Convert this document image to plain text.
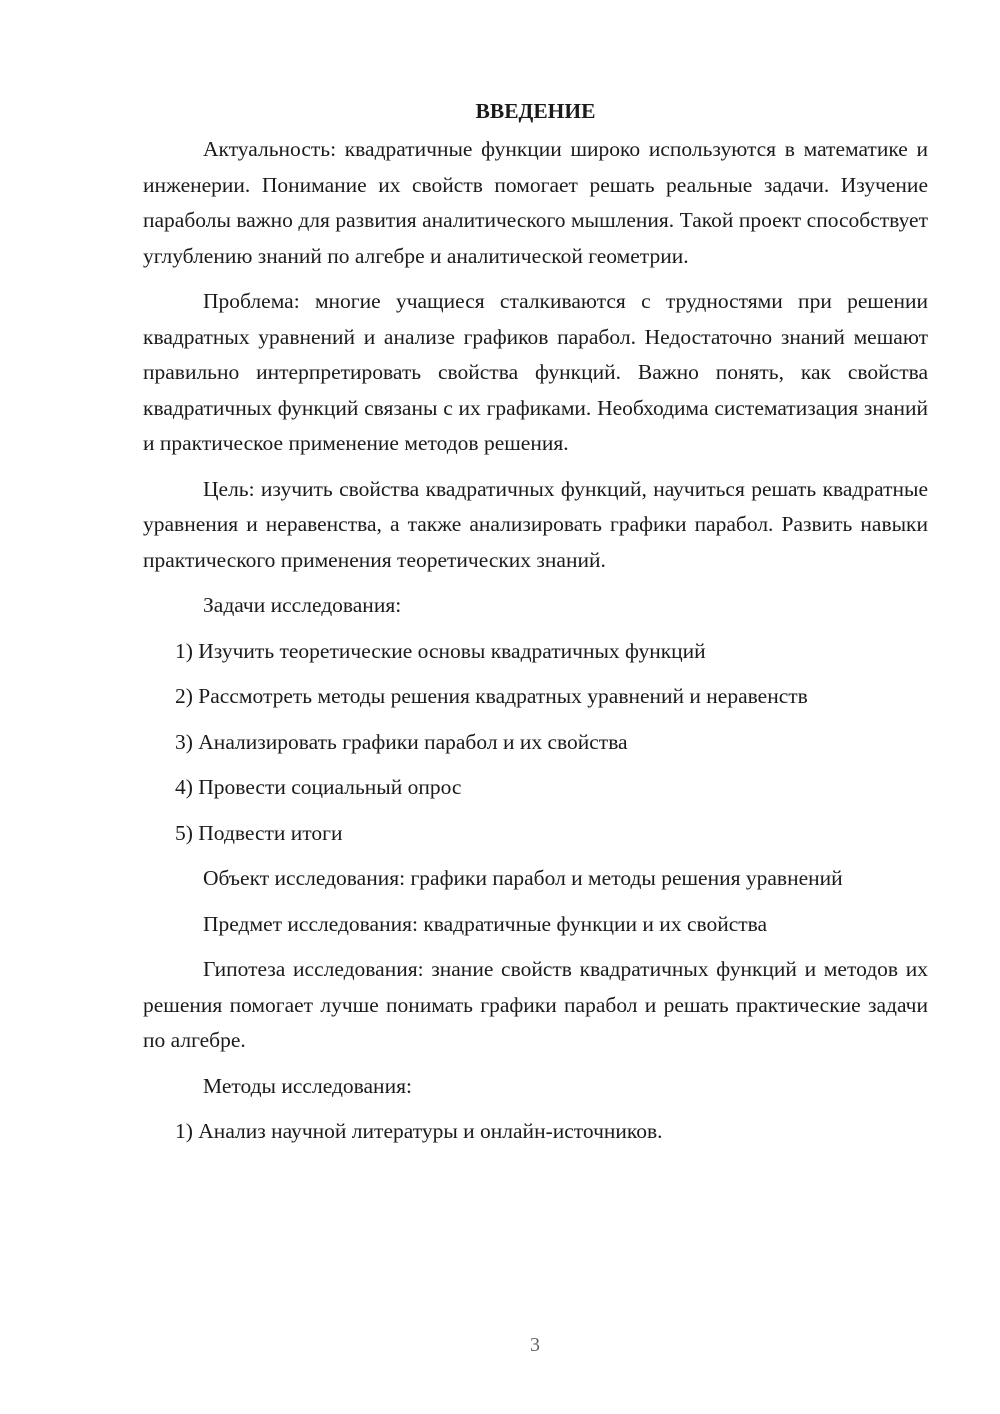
ВВЕДЕНИЕ

Актуальность: квадратичные функции широко используются в математике и инженерии. Понимание их свойств помогает решать реальные задачи. Изучение параболы важно для развития аналитического мышления. Такой проект способствует углублению знаний по алгебре и аналитической геометрии.

Проблема: многие учащиеся сталкиваются с трудностями при решении квадратных уравнений и анализе графиков парабол. Недостаточно знаний мешают правильно интерпретировать свойства функций. Важно понять, как свойства квадратичных функций связаны с их графиками. Необходима систематизация знаний и практическое применение методов решения.

Цель: изучить свойства квадратичных функций, научиться решать квадратные уравнения и неравенства, а также анализировать графики парабол. Развить навыки практического применения теоретических знаний.

Задачи исследования:

1) Изучить теоретические основы квадратичных функций
2) Рассмотреть методы решения квадратных уравнений и неравенств
3) Анализировать графики парабол и их свойства
4) Провести социальный опрос
5) Подвести итоги

Объект исследования: графики парабол и методы решения уравнений

Предмет исследования: квадратичные функции и их свойства

Гипотеза исследования: знание свойств квадратичных функций и методов их решения помогает лучше понимать графики парабол и решать практические задачи по алгебре.

Методы исследования:

1) Анализ научной литературы и онлайн-источников.
3
